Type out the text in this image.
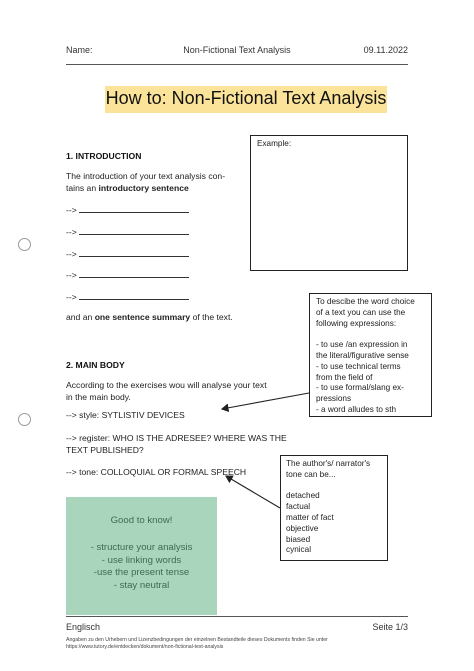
Name:	Non-Fictional Text Analysis	09.11.2022
How to: Non-Fictional Text Analysis
1. INTRODUCTION
The introduction of your text analysis con-
tains an introductory sentence
-->
-->
-->
-->
-->
and an one sentence summary of the text.
Example:
To descibe the word choice
of a text you can use the
following expressions:
- to use /an expression in
the literal/figurative sense
- to use technical terms
from the field of
- to use formal/slang ex-
pressions
- a word alludes to sth
2. MAIN BODY
According to the exercises wou will analyse your text
in the main body.
--> style: SYTLISTIV DEVICES
--> register: WHO IS THE ADRESEE? WHERE WAS THE
TEXT PUBLISHED?
--> tone: COLLOQUIAL OR FORMAL SPEECH
The author's/ narrator's
tone can be...
detached
factual
matter of fact
objective
biased
cynical
Good to know!
- structure your analysis
- use linking words
-use the present tense
- stay neutral
Englisch	Seite 1/3
Angaben zu den Urhebern und Lizenzbedingungen der einzelnen Bestandteile dieses Dokuments finden Sie unter
https://www.tutory.de/entdecken/dokument/non-fictional-text-analysis
